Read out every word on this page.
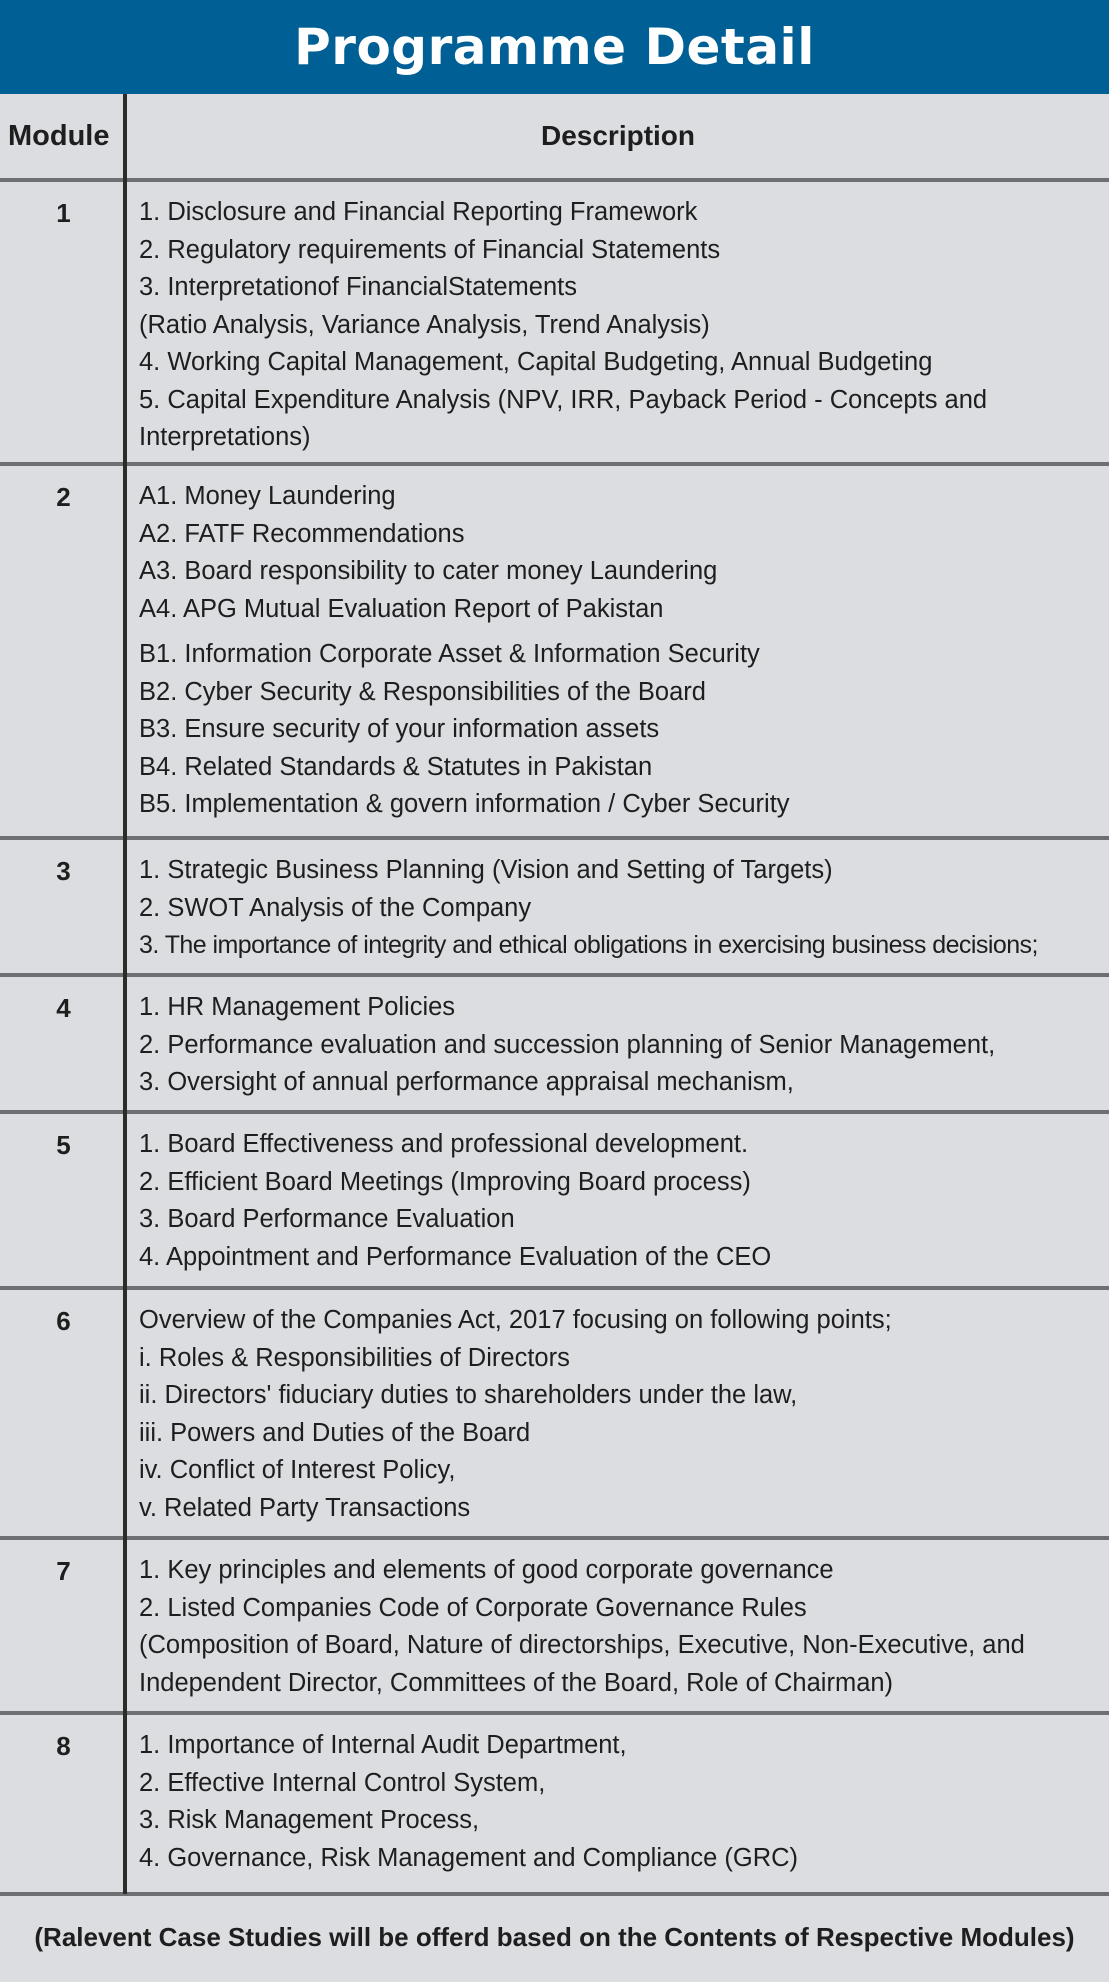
Programme Detail
Module	Description
1	1. Disclosure and Financial Reporting Framework
2. Regulatory requirements of Financial Statements
3. Interpretationof FinancialStatements
(Ratio Analysis, Variance Analysis, Trend Analysis)
4. Working Capital Management, Capital Budgeting, Annual Budgeting
5. Capital Expenditure Analysis (NPV, IRR, Payback Period - Concepts and Interpretations)
2	A1. Money Laundering
A2. FATF Recommendations
A3. Board responsibility to cater money Laundering
A4. APG Mutual Evaluation Report of Pakistan
B1. Information Corporate Asset & Information Security
B2. Cyber Security & Responsibilities of the Board
B3. Ensure security of your information assets
B4. Related Standards & Statutes in Pakistan
B5. Implementation & govern information / Cyber Security
3	1. Strategic Business Planning (Vision and Setting of Targets)
2. SWOT Analysis of the Company
3. The importance of integrity and ethical obligations in exercising business decisions;
4	1. HR Management Policies
2. Performance evaluation and succession planning of Senior Management,
3. Oversight of annual performance appraisal mechanism,
5	1. Board Effectiveness and professional development.
2. Efficient Board Meetings (Improving Board process)
3. Board Performance Evaluation
4. Appointment and Performance Evaluation of the CEO
6	Overview of the Companies Act, 2017 focusing on following points;
i. Roles & Responsibilities of Directors
ii. Directors' fiduciary duties to shareholders under the law,
iii. Powers and Duties of the Board
iv. Conflict of Interest Policy,
v. Related Party Transactions
7	1. Key principles and elements of good corporate governance
2. Listed Companies Code of Corporate Governance Rules
(Composition of Board, Nature of directorships, Executive, Non-Executive, and Independent Director, Committees of the Board, Role of Chairman)
8	1. Importance of Internal Audit Department,
2. Effective Internal Control System,
3. Risk Management Process,
4. Governance, Risk Management and Compliance (GRC)
(Ralevent Case Studies will be offerd based on the Contents of Respective Modules)
